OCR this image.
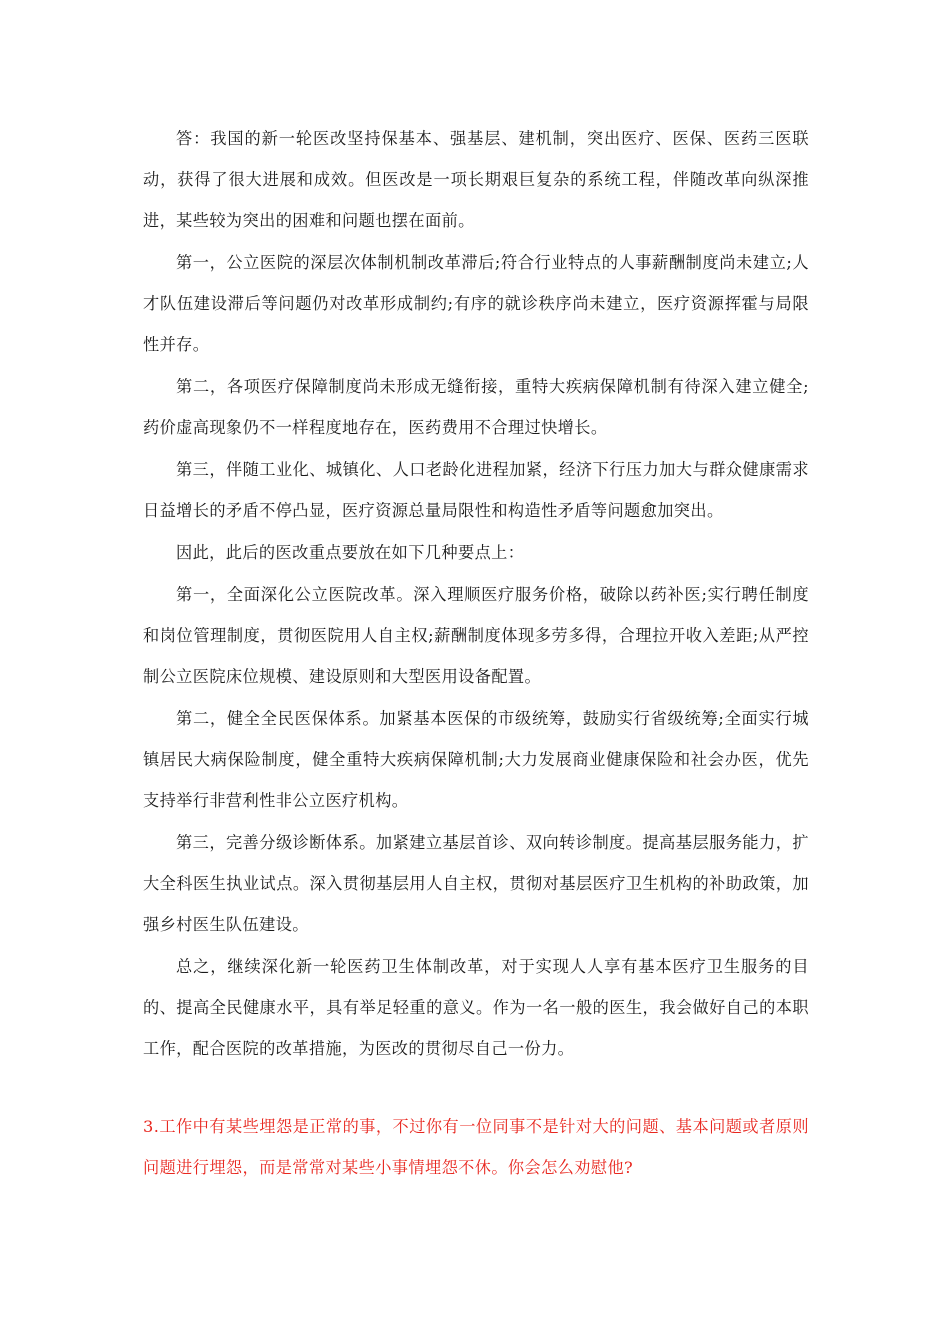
答：我国的新一轮医改坚持保基本、强基层、建机制，突出医疗、医保、医药三医联动，获得了很大进展和成效。但医改是一项长期艰巨复杂的系统工程，伴随改革向纵深推进，某些较为突出的困难和问题也摆在面前。

第一，公立医院的深层次体制机制改革滞后;符合行业特点的人事薪酬制度尚未建立;人才队伍建设滞后等问题仍对改革形成制约;有序的就诊秩序尚未建立，医疗资源挥霍与局限性并存。

第二，各项医疗保障制度尚未形成无缝衔接，重特大疾病保障机制有待深入建立健全;药价虚高现象仍不一样程度地存在，医药费用不合理过快增长。

第三，伴随工业化、城镇化、人口老龄化进程加紧，经济下行压力加大与群众健康需求日益增长的矛盾不停凸显，医疗资源总量局限性和构造性矛盾等问题愈加突出。

因此，此后的医改重点要放在如下几种要点上：

第一，全面深化公立医院改革。深入理顺医疗服务价格，破除以药补医;实行聘任制度和岗位管理制度，贯彻医院用人自主权;薪酬制度体现多劳多得，合理拉开收入差距;从严控制公立医院床位规模、建设原则和大型医用设备配置。

第二，健全全民医保体系。加紧基本医保的市级统筹，鼓励实行省级统筹;全面实行城镇居民大病保险制度，健全重特大疾病保障机制;大力发展商业健康保险和社会办医，优先支持举行非营利性非公立医疗机构。

第三，完善分级诊断体系。加紧建立基层首诊、双向转诊制度。提高基层服务能力，扩大全科医生执业试点。深入贯彻基层用人自主权，贯彻对基层医疗卫生机构的补助政策，加强乡村医生队伍建设。

总之，继续深化新一轮医药卫生体制改革，对于实现人人享有基本医疗卫生服务的目的、提高全民健康水平，具有举足轻重的意义。作为一名一般的医生，我会做好自己的本职工作，配合医院的改革措施，为医改的贯彻尽自己一份力。

3.工作中有某些埋怨是正常的事，不过你有一位同事不是针对大的问题、基本问题或者原则问题进行埋怨，而是常常对某些小事情埋怨不休。你会怎么劝慰他?
